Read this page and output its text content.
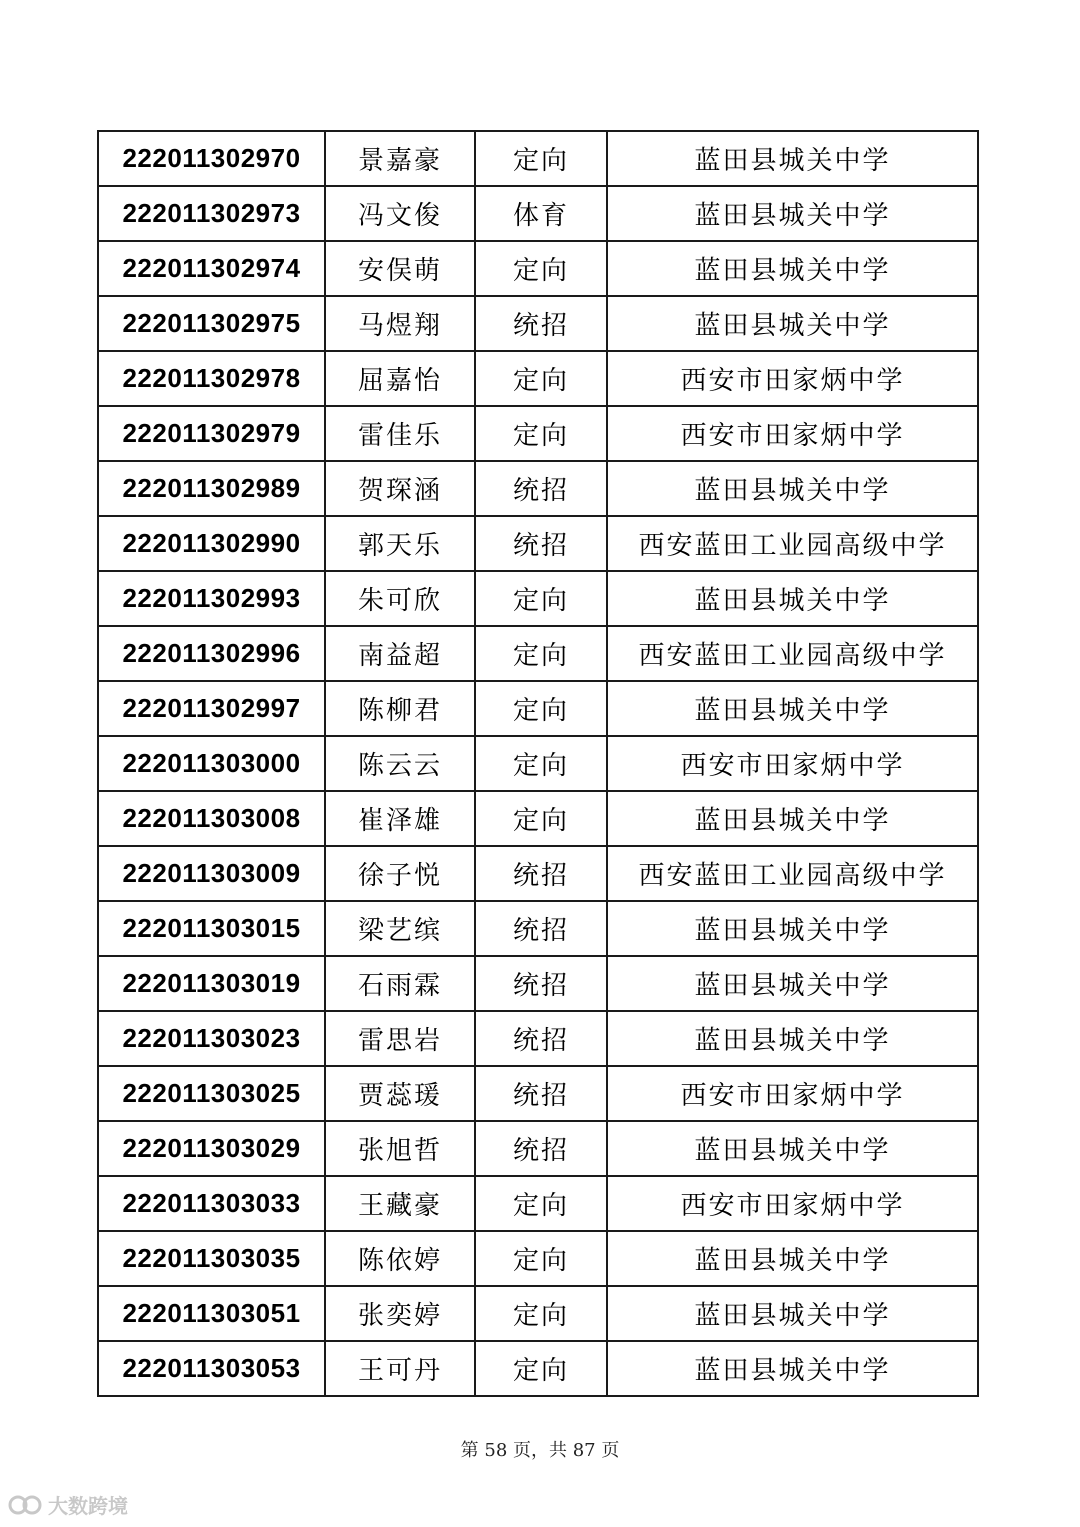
222011302970	景嘉豪	定向	蓝田县城关中学
222011302973	冯文俊	体育	蓝田县城关中学
222011302974	安俣萌	定向	蓝田县城关中学
222011302975	马煜翔	统招	蓝田县城关中学
222011302978	屈嘉怡	定向	西安市田家炳中学
222011302979	雷佳乐	定向	西安市田家炳中学
222011302989	贺琛涵	统招	蓝田县城关中学
222011302990	郭天乐	统招	西安蓝田工业园高级中学
222011302993	朱可欣	定向	蓝田县城关中学
222011302996	南益超	定向	西安蓝田工业园高级中学
222011302997	陈柳君	定向	蓝田县城关中学
222011303000	陈云云	定向	西安市田家炳中学
222011303008	崔泽雄	定向	蓝田县城关中学
222011303009	徐子悦	统招	西安蓝田工业园高级中学
222011303015	梁艺缤	统招	蓝田县城关中学
222011303019	石雨霖	统招	蓝田县城关中学
222011303023	雷思岩	统招	蓝田县城关中学
222011303025	贾蕊瑗	统招	西安市田家炳中学
222011303029	张旭哲	统招	蓝田县城关中学
222011303033	王藏豪	定向	西安市田家炳中学
222011303035	陈依婷	定向	蓝田县城关中学
222011303051	张奕婷	定向	蓝田县城关中学
222011303053	王可丹	定向	蓝田县城关中学
第 58 页，共 87 页
大数跨境
